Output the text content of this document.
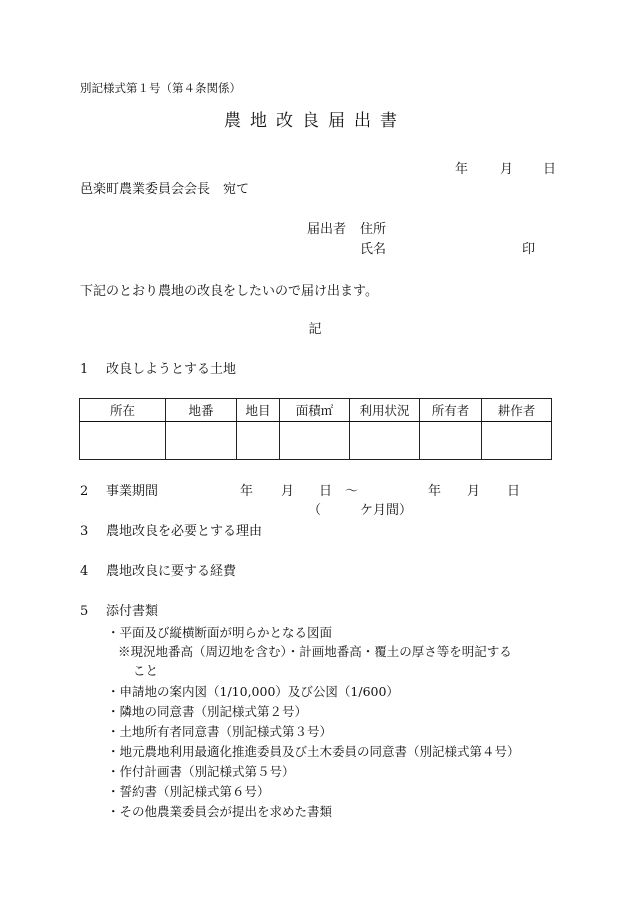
別記様式第１号（第４条関係）
農地改良届出書
年 月 日
邑楽町農業委員会会長　宛て
届出者 住所
氏名	印
下記のとおり農地の改良をしたいので届け出ます。
記
1 改良しようとする土地
所在	地番	地目	面積㎡	利用状況	所有者	耕作者

2 事業期間	年 月 日 ～	年 月 日
（	ケ月間）
3 農地改良を必要とする理由
4 農地改良に要する経費
5 添付書類
・平面及び縦横断面が明らかとなる図面
※現況地番高（周辺地を含む）・計画地番高・覆土の厚さ等を明記する
こと
・申請地の案内図（1/10,000）及び公図（1/600）
・隣地の同意書（別記様式第２号）
・土地所有者同意書（別記様式第３号）
・地元農地利用最適化推進委員及び土木委員の同意書（別記様式第４号）
・作付計画書（別記様式第５号）
・誓約書（別記様式第６号）
・その他農業委員会が提出を求めた書類
